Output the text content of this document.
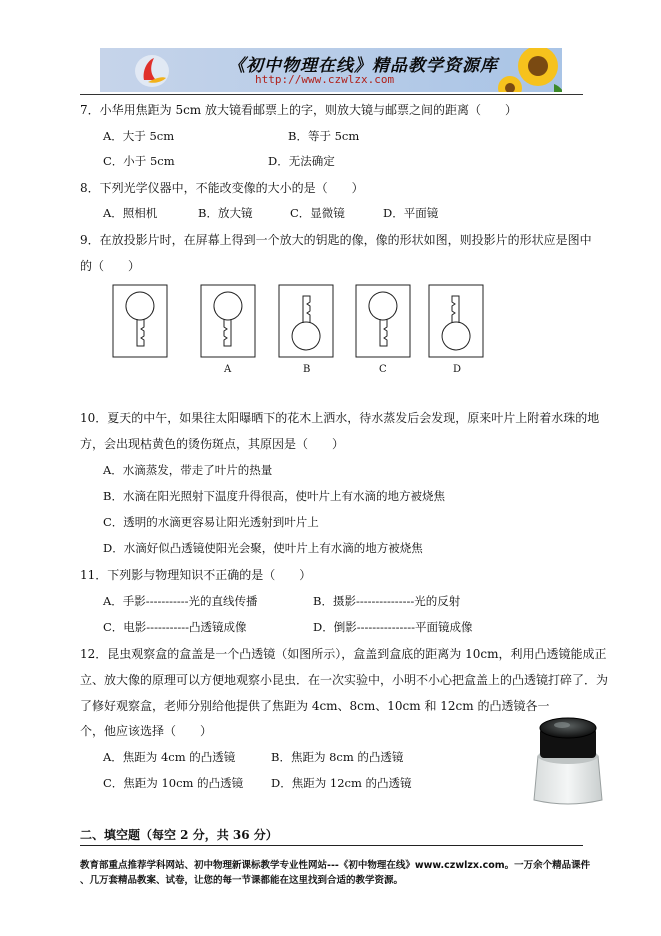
《初中物理在线》精品教学资源库
http://www.czwlzx.com
7．小华用焦距为 5cm 放大镜看邮票上的字，则放大镜与邮票之间的距离（　　）
A．大于 5cm	B．等于 5cm
C．小于 5cm	D．无法确定
8．下列光学仪器中，不能改变像的大小的是（　　）
A．照相机	B．放大镜	C．显微镜	D．平面镜
9．在放投影片时，在屏幕上得到一个放大的钥匙的像，像的形状如图，则投影片的形状应是图中
的（　　）
A	B	C	D
10．夏天的中午，如果往太阳曝晒下的花木上洒水，待水蒸发后会发现，原来叶片上附着水珠的地
方，会出现枯黄色的烫伤斑点，其原因是（　　）
A．水滴蒸发，带走了叶片的热量
B．水滴在阳光照射下温度升得很高，使叶片上有水滴的地方被烧焦
C．透明的水滴更容易让阳光透射到叶片上
D．水滴好似凸透镜使阳光会聚，使叶片上有水滴的地方被烧焦
11．下列影与物理知识不正确的是（　　）
A．手影-----------光的直线传播	B．摄影---------------光的反射
C．电影-----------凸透镜成像	D．倒影---------------平面镜成像
12．昆虫观察盒的盒盖是一个凸透镜（如图所示），盒盖到盒底的距离为 10cm，利用凸透镜能成正
立、放大像的原理可以方便地观察小昆虫．在一次实验中，小明不小心把盒盖上的凸透镜打碎了．为
了修好观察盒，老师分别给他提供了焦距为 4cm、8cm、10cm 和 12cm 的凸透镜各一
个，他应该选择（　　）
A．焦距为 4cm 的凸透镜	B．焦距为 8cm 的凸透镜
C．焦距为 10cm 的凸透镜 D．焦距为 12cm 的凸透镜
二、填空题（每空 2 分，共 36 分）
教育部重点推荐学科网站、初中物理新课标教学专业性网站---《初中物理在线》www.czwlzx.com。一万余个精品课件
、几万套精品教案、试卷，让您的每一节课都能在这里找到合适的教学资源。
